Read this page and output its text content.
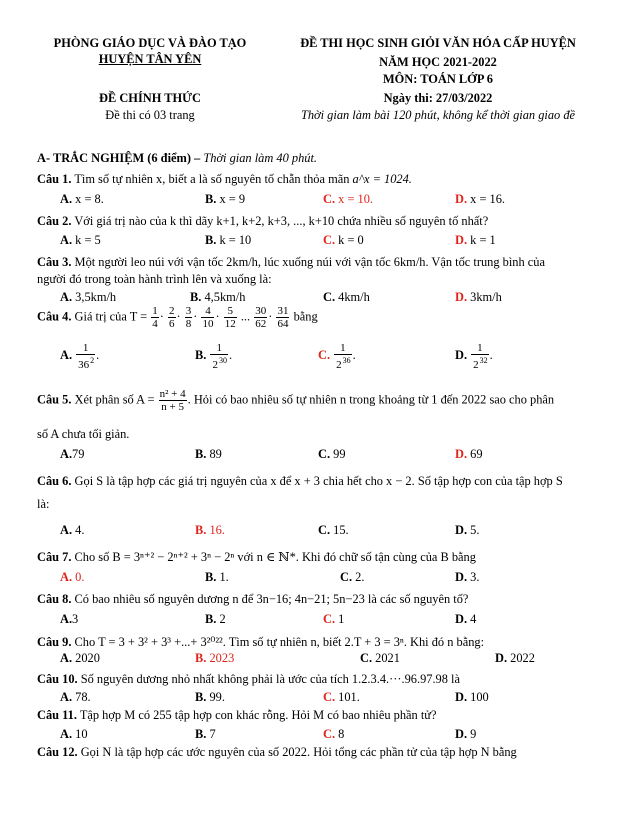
PHÒNG GIÁO DỤC VÀ ĐÀO TẠO
HUYỆN TÂN YÊN
ĐỀ THI HỌC SINH GIỎI VĂN HÓA CẤP HUYỆN
NĂM HỌC 2021-2022
MÔN: TOÁN LỚP 6
ĐỀ CHÍNH THỨC	Ngày thi: 27/03/2022
Đề thi có 03 trang	Thời gian làm bài 120 phút, không kể thời gian giao đề
A- TRẮC NGHIỆM (6 điểm) – Thời gian làm 40 phút.
Câu 1. Tìm số tự nhiên x, biết a là số nguyên tố chẵn thỏa mãn a^x = 1024.
A. x = 8.	B. x = 9	C. x = 10.	D. x = 16.
Câu 2. Với giá trị nào của k thì dãy k+1, k+2, k+3, ..., k+10 chứa nhiều số nguyên tố nhất?
A. k = 5	B. k = 10	C. k = 0	D. k = 1
Câu 3. Một người leo núi với vận tốc 2km/h, lúc xuống núi với vận tốc 6km/h. Vận tốc trung bình của
người đó trong toàn hành trình lên và xuống là:
A. 3,5km/h	B. 4,5km/h	C. 4km/h	D. 3km/h
Câu 4. Giá trị của $T = \frac{1}{4} \cdot \frac{2}{6} \cdot \frac{3}{8} \cdot \frac{4}{10} \cdot \frac{5}{12}$ ... $\frac{30}{62} \cdot \frac{31}{64}$ bằng
A. $\frac{1}{36^2}$ .	B. $\frac{1}{2^{30}}$ .	C. $\frac{1}{2^{36}}$ .	D. $\frac{1}{2^{32}}$ .
Câu 5. Xét phân số $A = \frac{\text{n² + 4}}{n + 5}$ . Hỏi có bao nhiêu số tự nhiên n trong khoảng từ 1 đến 2022 sao cho phân
số A chưa tối giản.
A.79	B. 89	C. 99	D. 69
Câu 6. Gọi S là tập hợp các giá trị nguyên của x để x + 3 chia hết cho x − 2. Số tập hợp con của tập hợp S
là:
A. 4.	B. 16.	C. 15.	D. 5.
Câu 7. Cho số B = 3ⁿ⁺² − 2ⁿ⁺² + 3ⁿ − 2ⁿ với n ∈ ℕ*. Khi đó chữ số tận cùng của B bằng
A. 0.	B. 1.	C. 2.	D. 3.
Câu 8. Có bao nhiêu số nguyên dương n để 3n−16; 4n−21; 5n−23 là các số nguyên tố?
A.3	B. 2	C. 1	D. 4
Câu 9. Cho T = 3 + 3² + 3³ +...+ 3²⁰²². Tìm số tự nhiên n, biết 2.T + 3 = 3ⁿ. Khi đó n bằng:
A. 2020	B. 2023	C. 2021	D. 2022
Câu 10. Số nguyên dương nhỏ nhất không phải là ước của tích 1.2.3.4.···.96.97.98 là
A. 78.	B. 99.	C. 101.	D. 100
Câu 11. Tập hợp M có 255 tập hợp con khác rỗng. Hỏi M có bao nhiêu phần tử?
A. 10	B. 7	C. 8	D. 9
Câu 12. Gọi N là tập hợp các ước nguyên của số 2022. Hỏi tổng các phần tử của tập hợp N bằng
